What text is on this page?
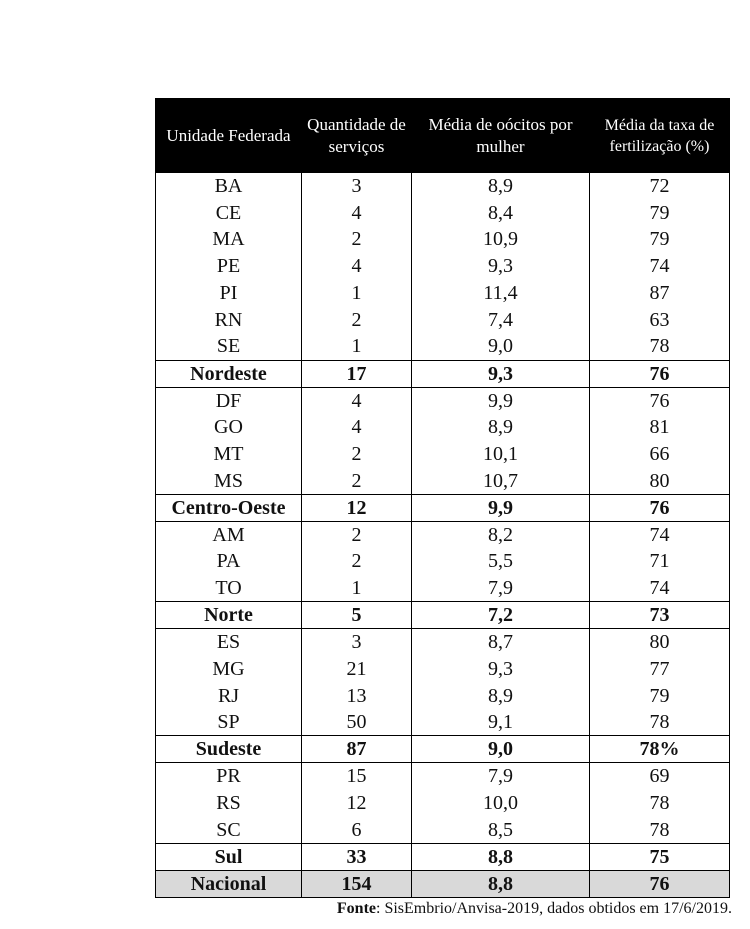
Unidade Federada	Quantidade de serviços	Média de oócitos por mulher	Média da taxa de fertilização (%)
BA	3	8,9	72
CE	4	8,4	79
MA	2	10,9	79
PE	4	9,3	74
PI	1	11,4	87
RN	2	7,4	63
SE	1	9,0	78
Nordeste	17	9,3	76
DF	4	9,9	76
GO	4	8,9	81
MT	2	10,1	66
MS	2	10,7	80
Centro-Oeste	12	9,9	76
AM	2	8,2	74
PA	2	5,5	71
TO	1	7,9	74
Norte	5	7,2	73
ES	3	8,7	80
MG	21	9,3	77
RJ	13	8,9	79
SP	50	9,1	78
Sudeste	87	9,0	78%
PR	15	7,9	69
RS	12	10,0	78
SC	6	8,5	78
Sul	33	8,8	75
Nacional	154	8,8	76
Fonte: SisEmbrio/Anvisa-2019, dados obtidos em 17/6/2019.
